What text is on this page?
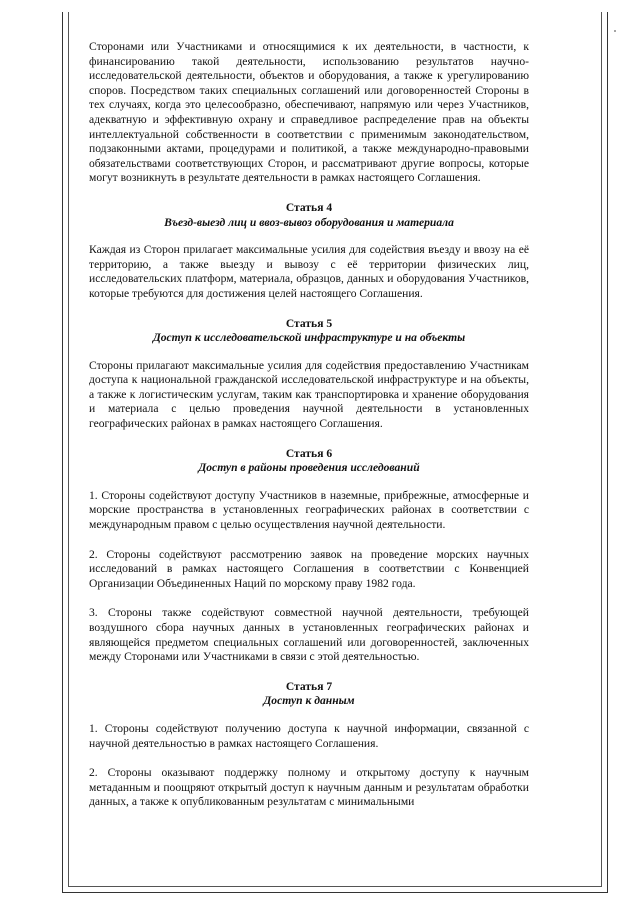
Сторонами или Участниками и относящимися к их деятельности, в частности, к финансированию такой деятельности, использованию результатов научно-исследовательской деятельности, объектов и оборудования, а также к урегулированию споров. Посредством таких специальных соглашений или договоренностей Стороны в тех случаях, когда это целесообразно, обеспечивают, напрямую или через Участников, адекватную и эффективную охрану и справедливое распределение прав на объекты интеллектуальной собственности в соответствии с применимым законодательством, подзаконными актами, процедурами и политикой, а также международно-правовыми обязательствами соответствующих Сторон, и рассматривают другие вопросы, которые могут возникнуть в результате деятельности в рамках настоящего Соглашения.

Статья 4
Въезд-выезд лиц и ввоз-вывоз оборудования и материала

Каждая из Сторон прилагает максимальные усилия для содействия въезду и ввозу на её территорию, а также выезду и вывозу с её территории физических лиц, исследовательских платформ, материала, образцов, данных и оборудования Участников, которые требуются для достижения целей настоящего Соглашения.

Статья 5
Доступ к исследовательской инфраструктуре и на объекты

Стороны прилагают максимальные усилия для содействия предоставлению Участникам доступа к национальной гражданской исследовательской инфраструктуре и на объекты, а также к логистическим услугам, таким как транспортировка и хранение оборудования и материала с целью проведения научной деятельности в установленных географических районах в рамках настоящего Соглашения.

Статья 6
Доступ в районы проведения исследований

1. Стороны содействуют доступу Участников в наземные, прибрежные, атмосферные и морские пространства в установленных географических районах в соответствии с международным правом с целью осуществления научной деятельности.

2. Стороны содействуют рассмотрению заявок на проведение морских научных исследований в рамках настоящего Соглашения в соответствии с Конвенцией Организации Объединенных Наций по морскому праву 1982 года.

3. Стороны также содействуют совместной научной деятельности, требующей воздушного сбора научных данных в установленных географических районах и являющейся предметом специальных соглашений или договоренностей, заключенных между Сторонами или Участниками в связи с этой деятельностью.

Статья 7
Доступ к данным

1. Стороны содействуют получению доступа к научной информации, связанной с научной деятельностью в рамках настоящего Соглашения.

2. Стороны оказывают поддержку полному и открытому доступу к научным метаданным и поощряют открытый доступ к научным данным и результатам обработки данных, а также к опубликованным результатам с минимальными
